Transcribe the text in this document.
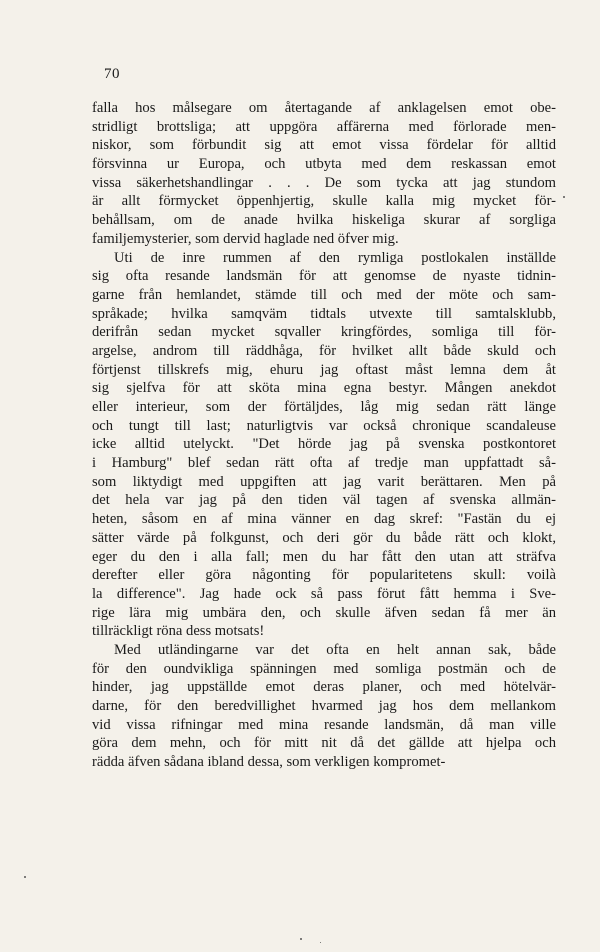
70
falla hos målsegare om återtagande af anklagelsen emot obe-
stridligt brottsliga; att uppgöra affärerna med förlorade men-
niskor, som förbundit sig att emot vissa fördelar för alltid
försvinna ur Europa, och utbyta med dem reskassan emot
vissa säkerhetshandlingar . . . De som tycka att jag stundom
är allt förmycket öppenhjertig, skulle kalla mig mycket för-
behållsam, om de anade hvilka hiskeliga skurar af sorgliga
familjemysterier, som dervid haglade ned öfver mig.
Uti de inre rummen af den rymliga postlokalen inställde
sig ofta resande landsmän för att genomse de nyaste tidnin-
garne från hemlandet, stämde till och med der möte och sam-
språkade; hvilka samqväm tidtals utvexte till samtalsklubb,
derifrån sedan mycket sqvaller kringfördes, somliga till för-
argelse, androm till räddhåga, för hvilket allt både skuld och
förtjenst tillskrefs mig, ehuru jag oftast måst lemna dem åt
sig sjelfva för att sköta mina egna bestyr. Mången anekdot
eller interieur, som der förtäljdes, låg mig sedan rätt länge
och tungt till last; naturligtvis var också chronique scandaleuse
icke alltid utelyckt. "Det hörde jag på svenska postkontoret
i Hamburg" blef sedan rätt ofta af tredje man uppfattadt så-
som liktydigt med uppgiften att jag varit berättaren. Men på
det hela var jag på den tiden väl tagen af svenska allmän-
heten, såsom en af mina vänner en dag skref: "Fastän du ej
sätter värde på folkgunst, och deri gör du både rätt och klokt,
eger du den i alla fall; men du har fått den utan att sträfva
derefter eller göra någonting för popularitetens skull: voilà
la difference". Jag hade ock så pass förut fått hemma i Sve-
rige lära mig umbära den, och skulle äfven sedan få mer än
tillräckligt röna dess motsats!
Med utländingarne var det ofta en helt annan sak, både
för den oundvikliga spänningen med somliga postmän och de
hinder, jag uppställde emot deras planer, och med hötelvär-
darne, för den beredvillighet hvarmed jag hos dem mellankom
vid vissa rifningar med mina resande landsmän, då man ville
göra dem mehn, och för mitt nit då det gällde att hjelpa och
rädda äfven sådana ibland dessa, som verkligen kompromet-
